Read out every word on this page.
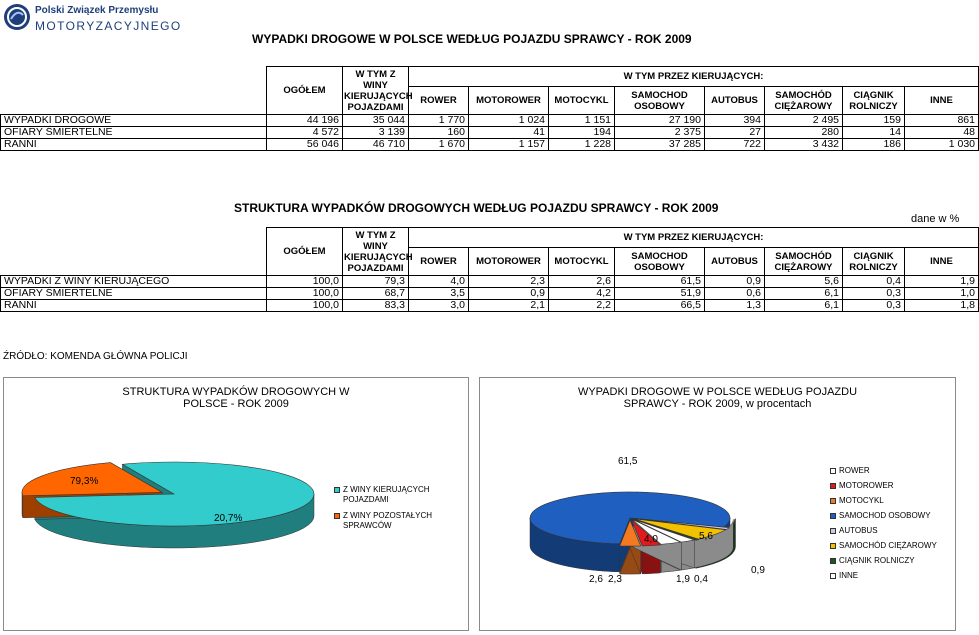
Polski Związek Przemysłu
MOTORYZACYJNEGO
WYPADKI DROGOWE W POLSCE WEDŁUG POJAZDU SPRAWCY - ROK 2009
	OGÓŁEM	W TYM Z WINY KIERUJĄCYCH POJAZDAMI	W TYM PRZEZ KIERUJĄCYCH:							
			ROWER	MOTOROWER	MOTOCYKL	SAMOCHOD OSOBOWY	AUTOBUS	SAMOCHÓD CIĘŻAROWY	CIĄGNIK ROLNICZY	INNE
WYPADKI DROGOWE	44 196	35 044	1 770	1 024	1 151	27 190	394	2 495	159	861
OFIARY ŚMIERTELNE	4 572	3 139	160	41	194	2 375	27	280	14	48
RANNI	56 046	46 710	1 670	1 157	1 228	37 285	722	3 432	186	1 030
STRUKTURA WYPADKÓW DROGOWYCH WEDŁUG POJAZDU SPRAWCY - ROK 2009
dane w %
	OGÓŁEM	W TYM Z WINY KIERUJĄCYCH POJAZDAMI	W TYM PRZEZ KIERUJĄCYCH:							
			ROWER	MOTOROWER	MOTOCYKL	SAMOCHOD OSOBOWY	AUTOBUS	SAMOCHÓD CIĘŻAROWY	CIĄGNIK ROLNICZY	INNE
WYPADKI Z WINY KIERUJĄCEGO	100,0	79,3	4,0	2,3	2,6	61,5	0,9	5,6	0,4	1,9
OFIARY ŚMIERTELNE	100,0	68,7	3,5	0,9	4,2	51,9	0,6	6,1	0,3	1,0
RANNI	100,0	83,3	3,0	2,1	2,2	66,5	1,3	6,1	0,3	1,8
ŹRÓDŁO: KOMENDA GŁÓWNA POLICJI
STRUKTURA WYPADKÓW DROGOWYCH W POLSCE - ROK 2009
79,3%
20,7%
Z WINY KIERUJĄCYCH POJAZDAMI
Z WINY POZOSTAŁYCH SPRAWCÓW
WYPADKI DROGOWE W POLSCE WEDŁUG POJAZDU SPRAWCY - ROK 2009, w procentach
61,5
2,6 2,3
4,0
1,9
5,6
0,4
0,9
ROWER
MOTOROWER
MOTOCYKL
SAMOCHOD OSOBOWY
AUTOBUS
SAMOCHÓD CIĘŻAROWY
CIĄGNIK ROLNICZY
INNE
